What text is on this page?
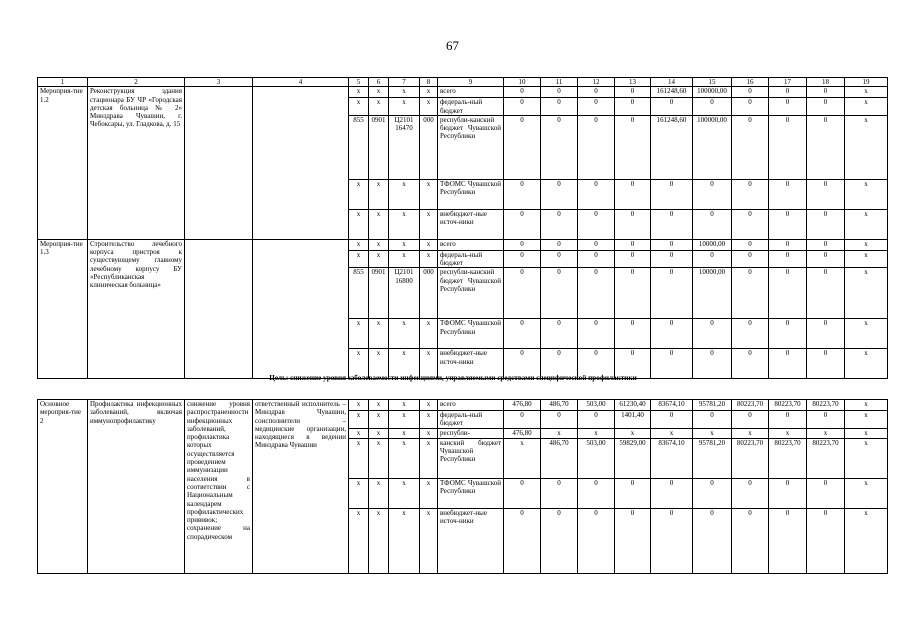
67
1	2	3	4	5	6	7	8	9	10	11	12	13	14	15	16	17	18	19
Мероприя-тие 1.2	Реконструкция здания стационара БУ ЧР «Городская детская больница № 2» Минздрава Чувашии, г. Чебоксары, ул. Гладкова, д. 15			х	х	х	х	всего	0	0	0	0	161248,60	100000,00	0	0	0	х
				х	х	х	х	федераль-ный бюджет	0	0	0	0	0	0	0	0	0	х
				855	0901	Ц2101 16470	000	республи-канский бюджет Чувашской Республики	0	0	0	0	161248,60	100000,00	0	0	0	х
				х	х	х	х	ТФОМС Чувашской Республики	0	0	0	0	0	0	0	0	0	х
				х	х	х	х	внебюджет-ные источ-ники	0	0	0	0	0	0	0	0	0	х
Мероприя-тие 1.3	Строительство лечебного корпуса пристроя к существующему главному лечебному корпусу БУ «Республиканская клиническая больница»			х	х	х	х	всего	0	0	0	0	0	10000,00	0	0	0	х
				х	х	х	х	федераль-ный бюджет	0	0	0	0	0	0	0	0	0	х
				855	0901	Ц2101 16800	000	республи-канский бюджет Чувашской Республики	0	0	0	0	0	10000,00	0	0	0	х
				х	х	х	х	ТФОМС Чувашской Республики	0	0	0	0	0	0	0	0	0	х
				х	х	х	х	внебюджет-ные источ-ники	0	0	0	0	0	0	0	0	0	х
Цель: снижение уровня заболеваемости инфекциями, управляемыми средствами специфической профилактики
Основное мероприя-тие 2	Профилактика инфекционных заболеваний, включая иммунопрофилактику	снижение уровня распространенности инфекционных заболеваний, профилактика которых осуществляется проведением иммунизации населения в соответствии с Национальным календарем профилактических прививок; сохранение на спорадическом	ответственный исполнитель – Минздрав Чувашии, соисполнители – медицинские организации, находящиеся в ведении Минздрава Чувашии	х	х	х	х	всего	476,80	486,70	503,00	61230,40	83674,10	95781,20	80223,70	80223,70	80223,70	х
				х	х	х	х	федераль-ный бюджет	0	0	0	1401,40	0	0	0	0	0	х
				х	х	х	х	республи-	476,80	х	х	х	х	х	х	х	х	х
				х	х	х	х	канский бюджет Чувашской Республики	х	486,70	503,00	59829,00	83674,10	95781,20	80223,70	80223,70	80223,70	х
				х	х	х	х	ТФОМС Чувашской Республики	0	0	0	0	0	0	0	0	0	х
				х	х	х	х	внебюджет-ные источ-ники	0	0	0	0	0	0	0	0	0	х
